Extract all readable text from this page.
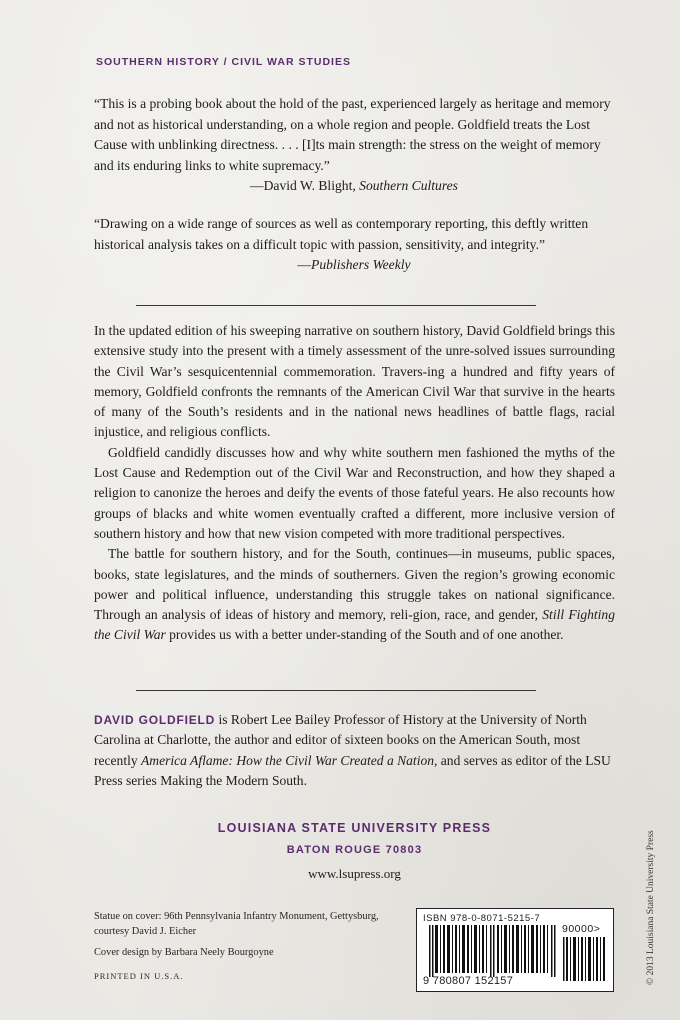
SOUTHERN HISTORY / CIVIL WAR STUDIES

“This is a probing book about the hold of the past, experienced largely as heritage and memory and not as historical understanding, on a whole region and people. Goldfield treats the Lost Cause with unblinking directness. . . . [I]ts main strength: the stress on the weight of memory and its enduring links to white supremacy.”

—David W. Blight, Southern Cultures

“Drawing on a wide range of sources as well as contemporary reporting, this deftly written historical analysis takes on a difficult topic with passion, sensitivity, and integrity.”

—Publishers Weekly

In the updated edition of his sweeping narrative on southern history, David Goldfield brings this extensive study into the present with a timely assessment of the unre-solved issues surrounding the Civil War’s sesquicentennial commemoration. Travers-ing a hundred and fifty years of memory, Goldfield confronts the remnants of the American Civil War that survive in the hearts of many of the South’s residents and in the national news headlines of battle flags, racial injustice, and religious conflicts.

Goldfield candidly discusses how and why white southern men fashioned the myths of the Lost Cause and Redemption out of the Civil War and Reconstruction, and how they shaped a religion to canonize the heroes and deify the events of those fateful years. He also recounts how groups of blacks and white women eventually crafted a different, more inclusive version of southern history and how that new vision competed with more traditional perspectives.

The battle for southern history, and for the South, continues—in museums, public spaces, books, state legislatures, and the minds of southerners. Given the region’s growing economic power and political influence, understanding this struggle takes on national significance. Through an analysis of ideas of history and memory, reli-gion, race, and gender, Still Fighting the Civil War provides us with a better under-standing of the South and of one another.

DAVID GOLDFIELD is Robert Lee Bailey Professor of History at the University of North Carolina at Charlotte, the author and editor of sixteen books on the American South, most recently America Aflame: How the Civil War Created a Nation, and serves as editor of the LSU Press series Making the Modern South.
LOUISIANA STATE UNIVERSITY PRESS
BATON ROUGE 70803
www.lsupress.org

Statue on cover: 96th Pennsylvania Infantry Monument, Gettysburg, courtesy David J. Eicher

Cover design by Barbara Neely Bourgoyne

PRINTED IN U.S.A.

ISBN 978-0-8071-5215-7
90000>
9 780807 152157	© 2013 Louisiana State University Press
